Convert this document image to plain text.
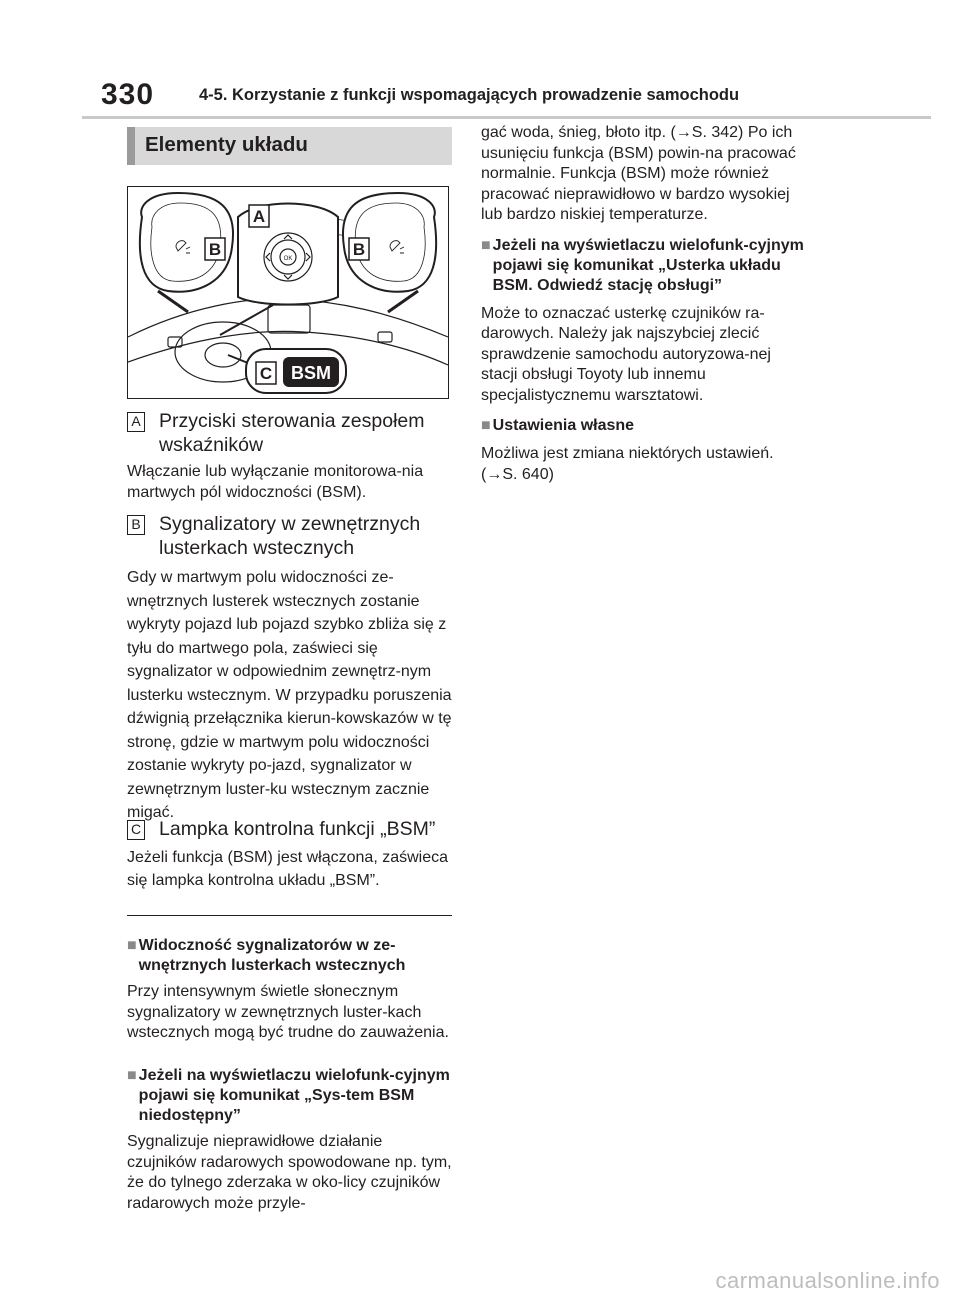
330	4-5. Korzystanie z funkcji wspomagających prowadzenie samochodu
Elementy układu
A
B	B
C
OK
BSM
A Przyciski sterowania zespołem wskaźników
Włączanie lub wyłączanie monitorowa-nia martwych pól widoczności (BSM).
B Sygnalizatory w zewnętrznych lusterkach wstecznych
Gdy w martwym polu widoczności ze-wnętrznych lusterek wstecznych zostanie wykryty pojazd lub pojazd szybko zbliża się z tyłu do martwego pola, zaświeci się sygnalizator w odpowiednim zewnętrz-nym lusterku wstecznym. W przypadku poruszenia dźwignią przełącznika kierun-kowskazów w tę stronę, gdzie w martwym polu widoczności zostanie wykryty po-jazd, sygnalizator w zewnętrznym luster-ku wstecznym zacznie migać.
C Lampka kontrolna funkcji „BSM”
Jeżeli funkcja (BSM) jest włączona, zaświeca się lampka kontrolna układu „BSM”.
■ Widoczność sygnalizatorów w ze-wnętrznych lusterkach wstecznych
Przy intensywnym świetle słonecznym sygnalizatory w zewnętrznych luster-kach wstecznych mogą być trudne do zauważenia.
■ Jeżeli na wyświetlaczu wielofunk-cyjnym pojawi się komunikat „Sys-tem BSM niedostępny”
Sygnalizuje nieprawidłowe działanie czujników radarowych spowodowane np. tym, że do tylnego zderzaka w oko-licy czujników radarowych może przyle-
gać woda, śnieg, błoto itp. (→S. 342) Po ich usunięciu funkcja (BSM) powin-na pracować normalnie. Funkcja (BSM) może również pracować nieprawidłowo w bardzo wysokiej lub bardzo niskiej temperaturze.
■ Jeżeli na wyświetlaczu wielofunk-cyjnym pojawi się komunikat „Usterka układu BSM. Odwiedź stację obsługi”
Może to oznaczać usterkę czujników ra-darowych. Należy jak najszybciej zlecić sprawdzenie samochodu autoryzowa-nej stacji obsługi Toyoty lub innemu specjalistycznemu warsztatowi.
■ Ustawienia własne
Możliwa jest zmiana niektórych ustawień. (→S. 640)
carmanualsonline.info
